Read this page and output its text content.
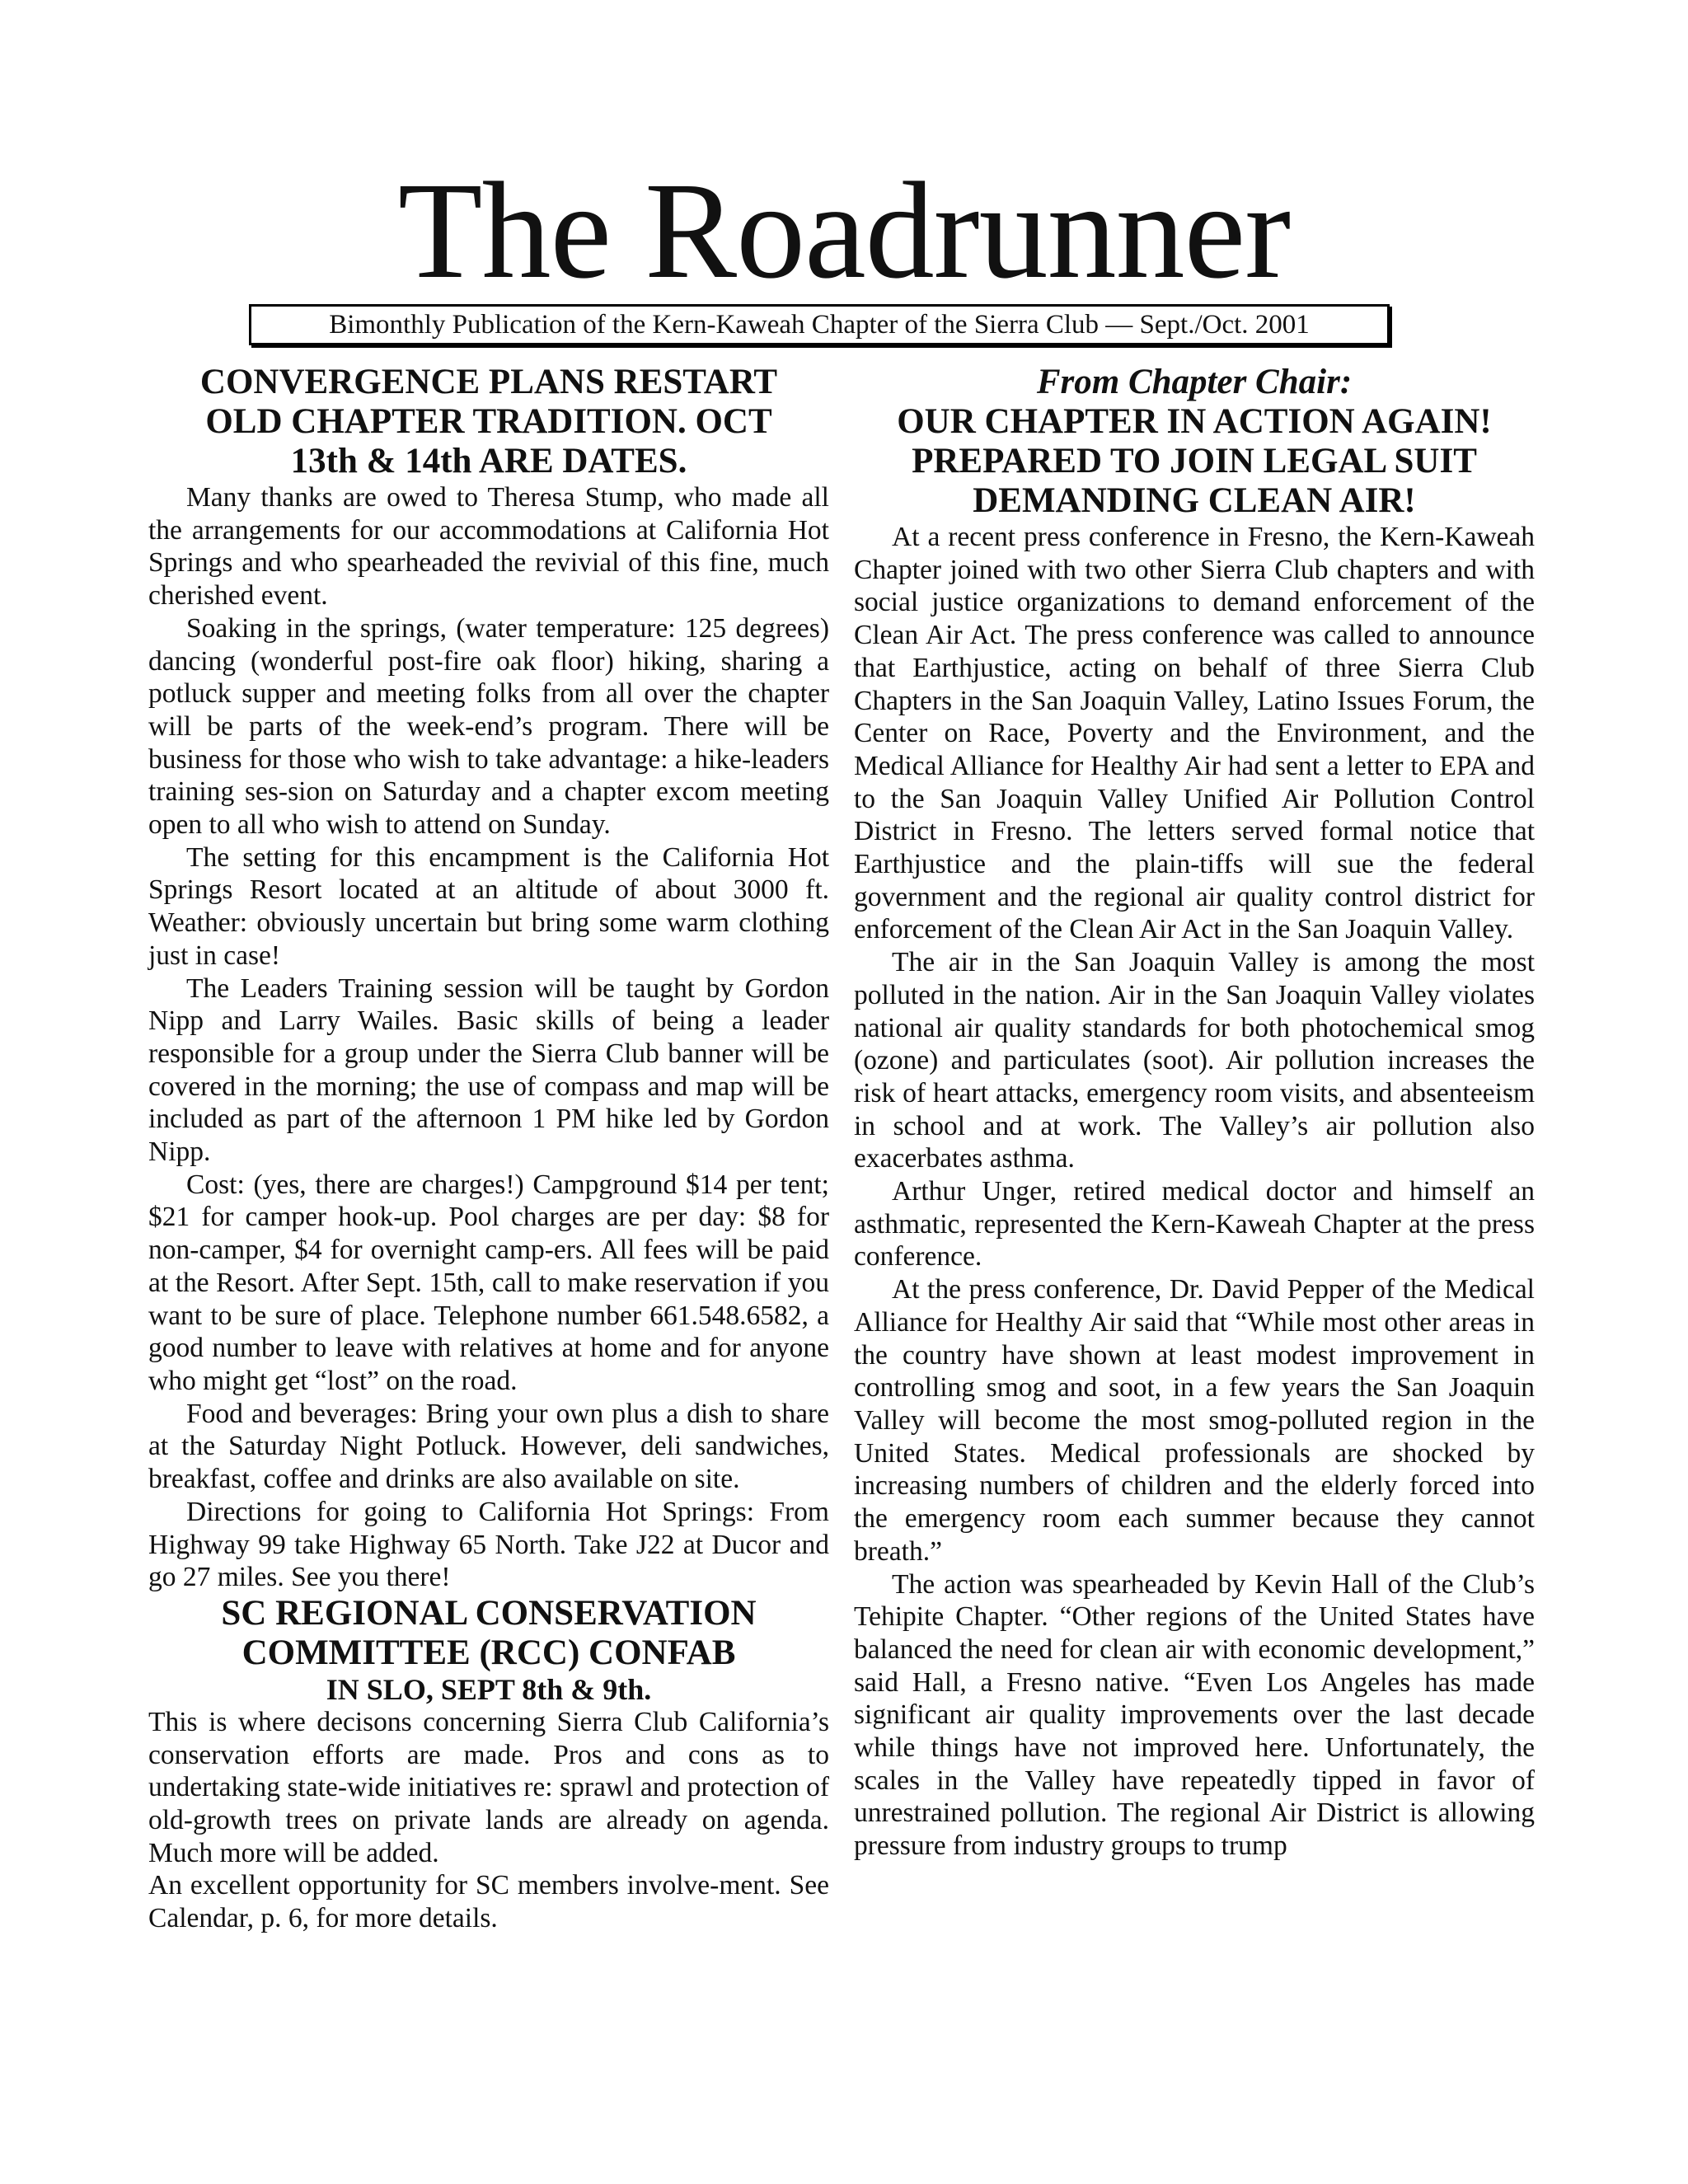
The Roadrunner
Bimonthly Publication of the Kern-Kaweah Chapter of the Sierra Club — Sept./Oct. 2001
CONVERGENCE PLANS RESTART
OLD CHAPTER TRADITION. OCT
13th & 14th ARE DATES.

Many thanks are owed to Theresa Stump, who made all the arrangements for our accommodations at California Hot Springs and who spearheaded the revivial of this fine, much cherished event.

Soaking in the springs, (water temperature: 125 degrees) dancing (wonderful post-fire oak floor) hiking, sharing a potluck supper and meeting folks from all over the chapter will be parts of the week-end’s program. There will be business for those who wish to take advantage: a hike-leaders training ses-sion on Saturday and a chapter excom meeting open to all who wish to attend on Sunday.

The setting for this encampment is the California Hot Springs Resort located at an altitude of about 3000 ft. Weather: obviously uncertain but bring some warm clothing just in case!

The Leaders Training session will be taught by Gordon Nipp and Larry Wailes. Basic skills of being a leader responsible for a group under the Sierra Club banner will be covered in the morning; the use of compass and map will be included as part of the afternoon 1 PM hike led by Gordon Nipp.

Cost: (yes, there are charges!) Campground $14 per tent; $21 for camper hook-up. Pool charges are per day: $8 for non-camper, $4 for overnight camp-ers. All fees will be paid at the Resort. After Sept. 15th, call to make reservation if you want to be sure of place. Telephone number 661.548.6582, a good number to leave with relatives at home and for anyone who might get “lost” on the road.

Food and beverages: Bring your own plus a dish to share at the Saturday Night Potluck. However, deli sandwiches, breakfast, coffee and drinks are also available on site.

Directions for going to California Hot Springs: From Highway 99 take Highway 65 North. Take J22 at Ducor and go 27 miles. See you there!

SC REGIONAL CONSERVATION
COMMITTEE (RCC) CONFAB
IN SLO, SEPT 8th & 9th.

This is where decisons concerning Sierra Club California’s conservation efforts are made. Pros and cons as to undertaking state-wide initiatives re: sprawl and protection of old-growth trees on private lands are already on agenda. Much more will be added.

An excellent opportunity for SC members involve-ment. See Calendar, p. 6, for more details.

From Chapter Chair:
OUR CHAPTER IN ACTION AGAIN!
PREPARED TO JOIN LEGAL SUIT
DEMANDING CLEAN AIR!

At a recent press conference in Fresno, the Kern-Kaweah Chapter joined with two other Sierra Club chapters and with social justice organizations to demand enforcement of the Clean Air Act. The press conference was called to announce that Earthjustice, acting on behalf of three Sierra Club Chapters in the San Joaquin Valley, Latino Issues Forum, the Center on Race, Poverty and the Environment, and the Medical Alliance for Healthy Air had sent a letter to EPA and to the San Joaquin Valley Unified Air Pollution Control District in Fresno. The letters served formal notice that Earthjustice and the plain-tiffs will sue the federal government and the regional air quality control district for enforcement of the Clean Air Act in the San Joaquin Valley.

The air in the San Joaquin Valley is among the most polluted in the nation. Air in the San Joaquin Valley violates national air quality standards for both photochemical smog (ozone) and particulates (soot). Air pollution increases the risk of heart attacks, emergency room visits, and absenteeism in school and at work. The Valley’s air pollution also exacerbates asthma.

Arthur Unger, retired medical doctor and himself an asthmatic, represented the Kern-Kaweah Chapter at the press conference.

At the press conference, Dr. David Pepper of the Medical Alliance for Healthy Air said that “While most other areas in the country have shown at least modest improvement in controlling smog and soot, in a few years the San Joaquin Valley will become the most smog-polluted region in the United States. Medical professionals are shocked by increasing numbers of children and the elderly forced into the emergency room each summer because they cannot breath.”

The action was spearheaded by Kevin Hall of the Club’s Tehipite Chapter. “Other regions of the United States have balanced the need for clean air with economic development,” said Hall, a Fresno native. “Even Los Angeles has made significant air quality improvements over the last decade while things have not improved here. Unfortunately, the scales in the Valley have repeatedly tipped in favor of unrestrained pollution. The regional Air District is allowing pressure from industry groups to trump
